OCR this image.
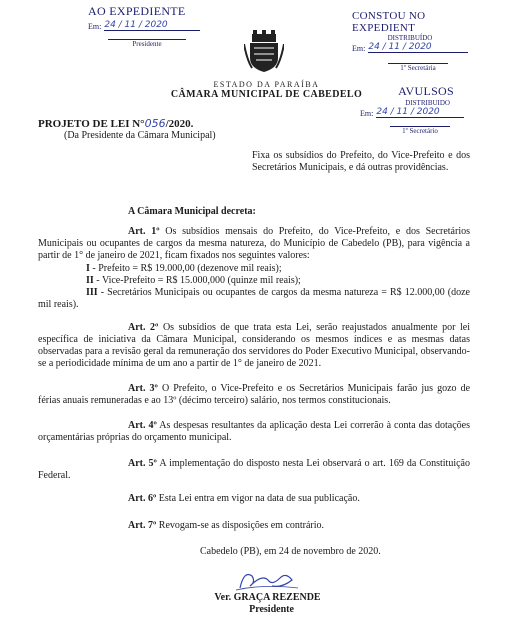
AO EXPEDIENTE
Em: 24 / 11 / 2020
Presidente
CONSTOU NO EXPEDIENT
DISTRIBUÍDO
Em: 24 / 11 / 2020
1º Secretária
ESTADO DA PARAÍBA
CÂMARA MUNICIPAL DE CABEDELO	AVULSOS
DISTRIBUIDO
Em: 24 / 11 / 2020
1º Secretário
PROJETO DE LEI N°056/2020.
(Da Presidente da Câmara Municipal)
Fixa os subsídios do Prefeito, do Vice-Prefeito e dos Secretários Municipais, e dá outras providências.
A Câmara Municipal decreta:
Art. 1º Os subsídios mensais do Prefeito, do Vice-Prefeito, e dos Secretários Municipais ou ocupantes de cargos da mesma natureza, do Município de Cabedelo (PB), para vigência a partir de 1° de janeiro de 2021, ficam fixados nos seguintes valores:
I - Prefeito = R$ 19.000,00 (dezenove mil reais);
II - Vice-Prefeito = R$ 15.000,000 (quinze mil reais);
III - Secretários Municipais ou ocupantes de cargos da mesma natureza = R$ 12.000,00 (doze mil reais).
Art. 2º Os subsídios de que trata esta Lei, serão reajustados anualmente por lei específica de iniciativa da Câmara Municipal, considerando os mesmos índices e as mesmas datas observadas para a revisão geral da remuneração dos servidores do Poder Executivo Municipal, observando-se a periodicidade mínima de um ano a partir de 1° de janeiro de 2021.
Art. 3º O Prefeito, o Vice-Prefeito e os Secretários Municipais farão jus gozo de férias anuais remuneradas e ao 13º (décimo terceiro) salário, nos termos constitucionais.
Art. 4º As despesas resultantes da aplicação desta Lei correrão à conta das dotações orçamentárias próprias do orçamento municipal.
Art. 5º A implementação do disposto nesta Lei observará o art. 169 da Constituição Federal.
Art. 6º Esta Lei entra em vigor na data de sua publicação.
Art. 7º Revogam-se as disposições em contrário.
Cabedelo (PB), em 24 de novembro de 2020.
Ver. GRAÇA REZENDE
Presidente
